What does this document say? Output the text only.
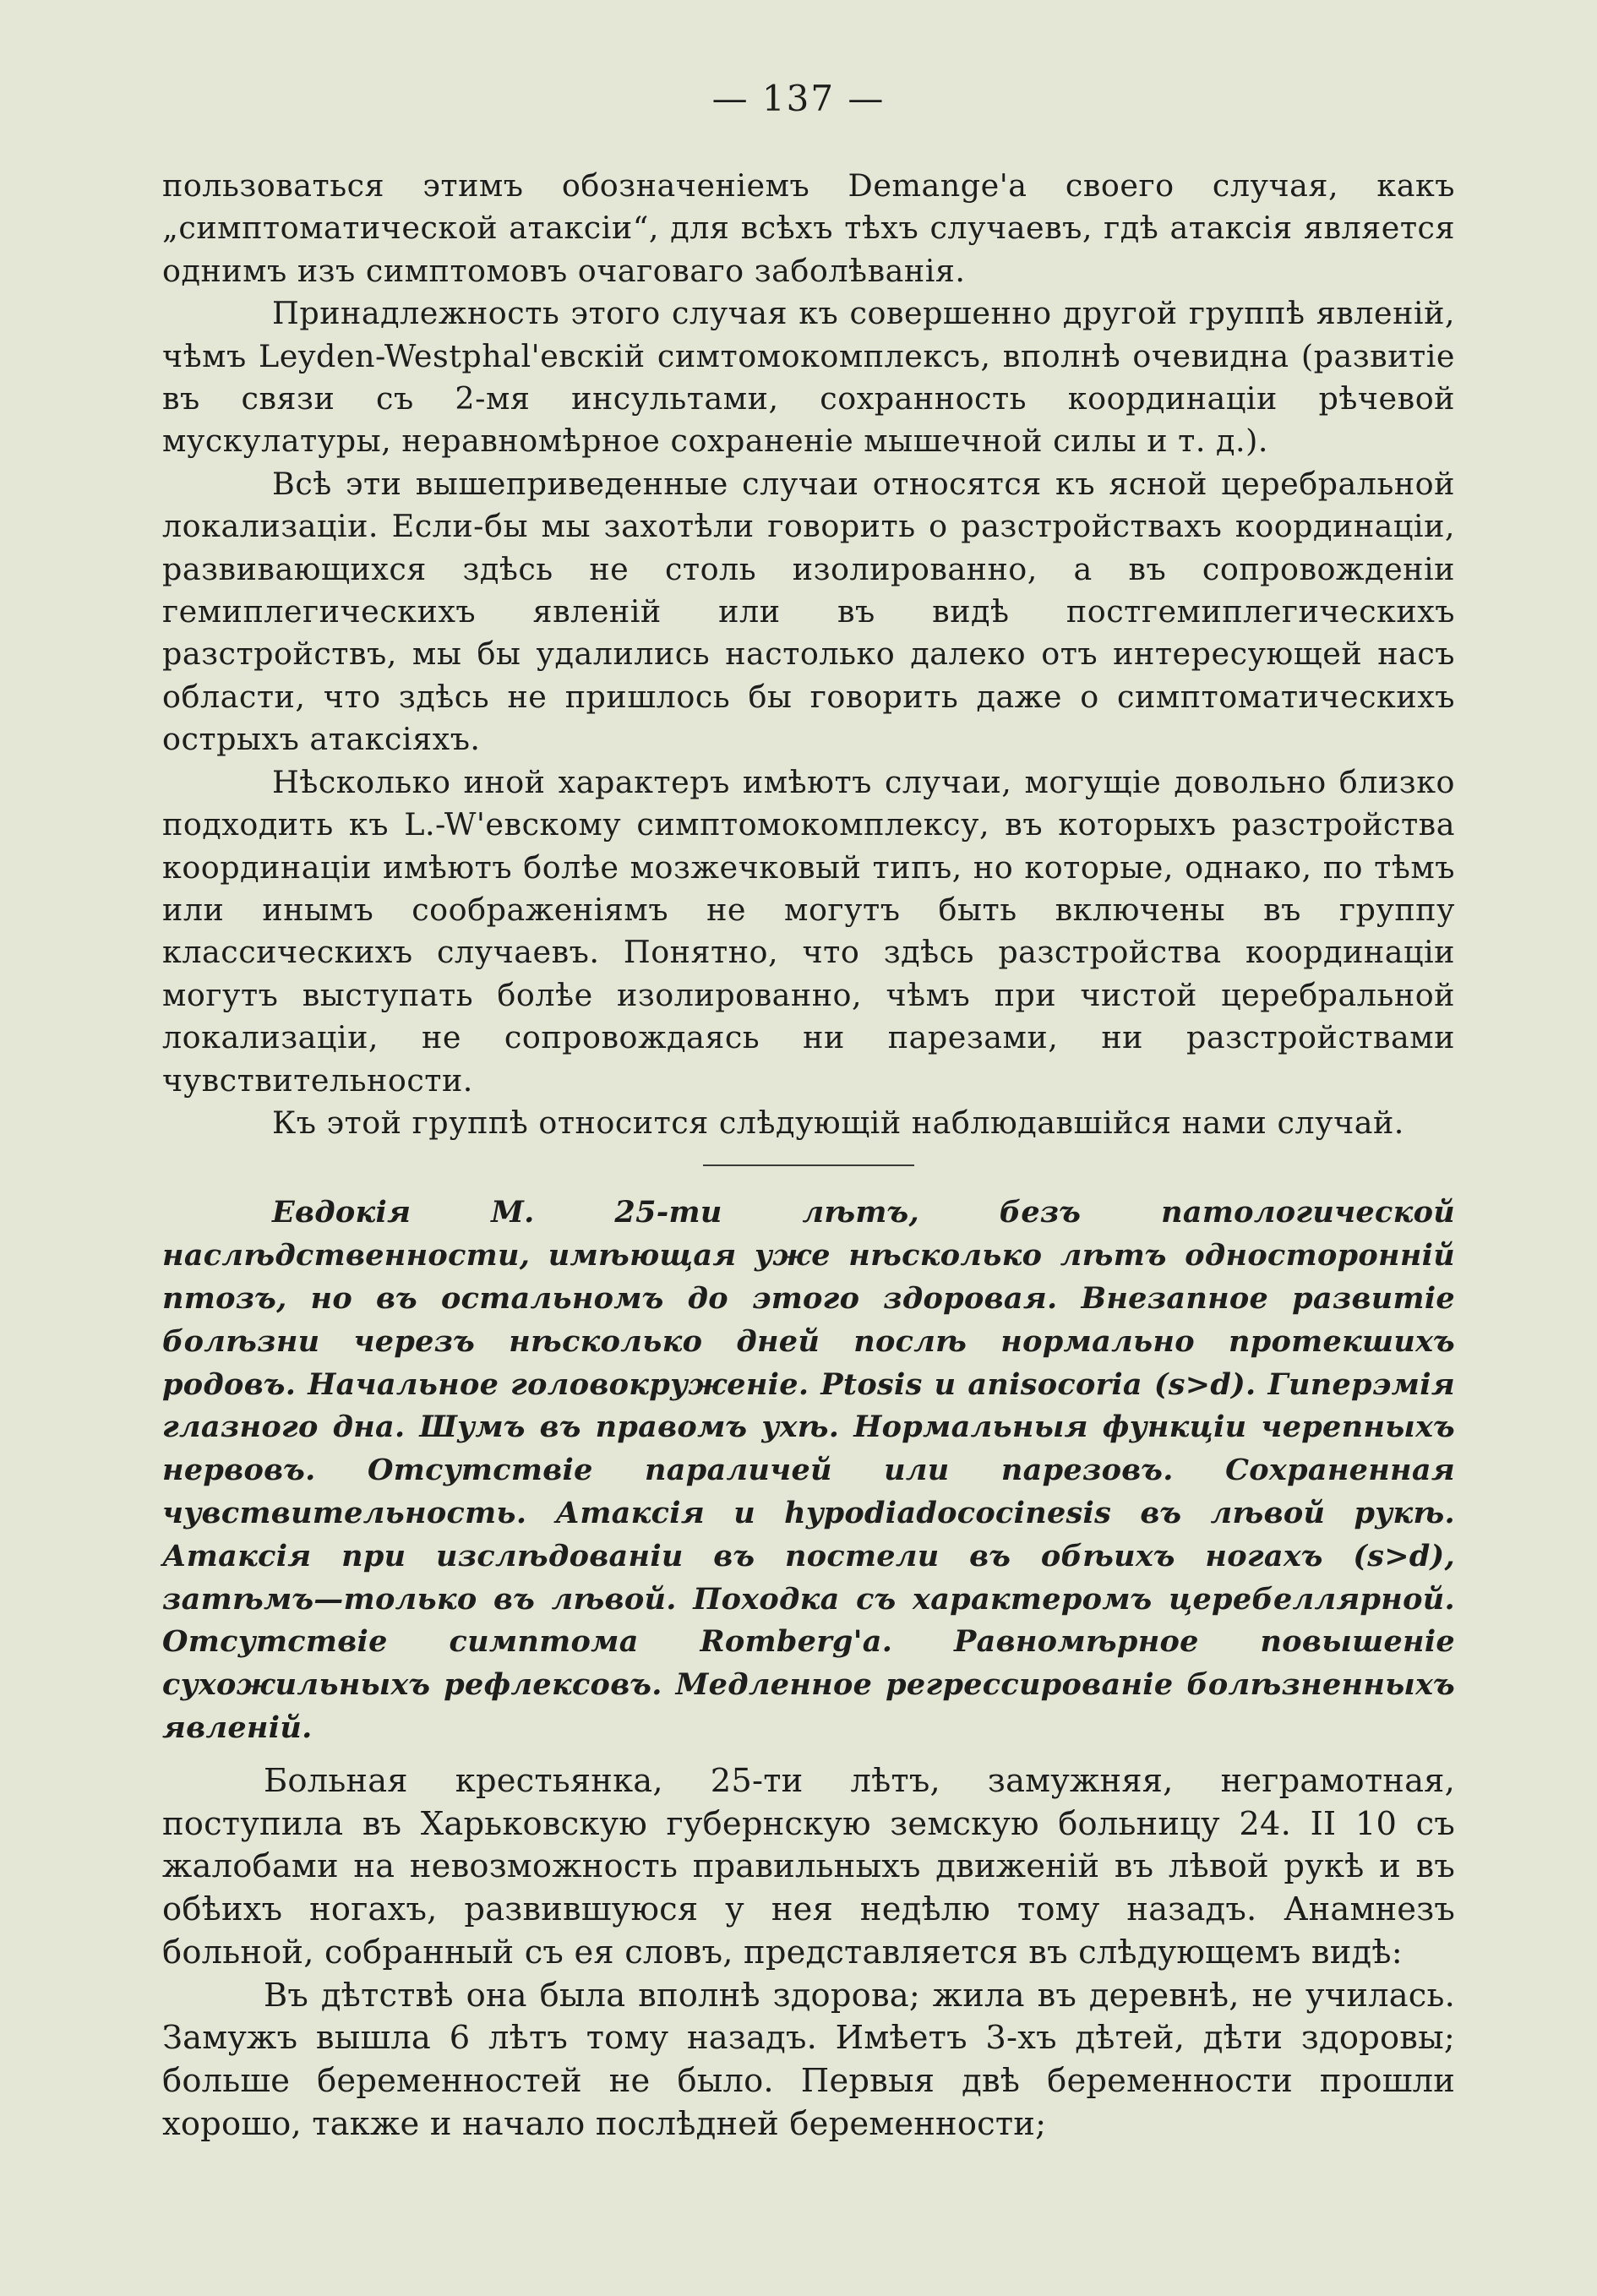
— 137 —

пользоваться этимъ обозначеніемъ Demange'а своего случая, какъ „симптоматической атаксіи“, для всѣхъ тѣхъ случаевъ, гдѣ атаксія является однимъ изъ симптомовъ очаговаго заболѣванія.

Принадлежность этого случая къ совершенно другой группѣ явленій, чѣмъ Leyden-Westphal'евскій симтомокомплексъ, вполнѣ очевидна (развитіе въ связи съ 2-мя инсультами, сохранность координаціи рѣчевой мускулатуры, неравномѣрное сохраненіе мышечной силы и т. д.).

Всѣ эти вышеприведенные случаи относятся къ ясной церебральной локализаціи. Если-бы мы захотѣли говорить о разстройствахъ координаціи, развивающихся здѣсь не столь изолированно, а въ сопровожденіи гемиплегическихъ явленій или въ видѣ постгемиплегическихъ разстройствъ, мы бы удалились настолько далеко отъ интересующей насъ области, что здѣсь не пришлось бы говорить даже о симптоматическихъ острыхъ атаксіяхъ.

Нѣсколько иной характеръ имѣютъ случаи, могущіе довольно близко подходить къ L.-W'евскому симптомокомплексу, въ которыхъ разстройства координаціи имѣютъ болѣе мозжечковый типъ, но которые, однако, по тѣмъ или инымъ соображеніямъ не могутъ быть включены въ группу классическихъ случаевъ. Понятно, что здѣсь разстройства координаціи могутъ выступать болѣе изолированно, чѣмъ при чистой церебральной локализаціи, не сопровождаясь ни парезами, ни разстройствами чувствительности.

Къ этой группѣ относится слѣдующій наблюдавшійся нами случай.

Евдокія М. 25-ти лѣтъ, безъ патологической наслѣдственности, имѣющая уже нѣсколько лѣтъ односторонній птозъ, но въ остальномъ до этого здоровая. Внезапное развитіе болѣзни черезъ нѣсколько дней послѣ нормально протекшихъ родовъ. Начальное головокруженіе. Ptosis и anisocoria (s>d). Гиперэмія глазного дна. Шумъ въ правомъ ухѣ. Нормальныя функціи черепныхъ нервовъ. Отсутствіе параличей или парезовъ. Сохраненная чувствительность. Атаксія и hypodiadococinesis въ лѣвой рукѣ. Атаксія при изслѣдованіи въ постели въ обѣихъ ногахъ (s>d), затѣмъ—только въ лѣвой. Походка съ характеромъ церебеллярной. Отсутствіе симптома Romberg'а. Равномѣрное повышеніе сухожильныхъ рефлексовъ. Медленное регрессированіе болѣзненныхъ явленій.

Больная крестьянка, 25-ти лѣтъ, замужняя, неграмотная, поступила въ Харьковскую губернскую земскую больницу 24. II 10 съ жалобами на невозможность правильныхъ движеній въ лѣвой рукѣ и въ обѣихъ ногахъ, развившуюся у нея недѣлю тому назадъ. Анамнезъ больной, собранный съ ея словъ, представляется въ слѣдующемъ видѣ:

Въ дѣтствѣ она была вполнѣ здорова; жила въ деревнѣ, не училась. Замужъ вышла 6 лѣтъ тому назадъ. Имѣетъ 3-хъ дѣтей, дѣти здоровы; больше беременностей не было. Первыя двѣ беременности прошли хорошо, также и начало послѣдней беременности;
